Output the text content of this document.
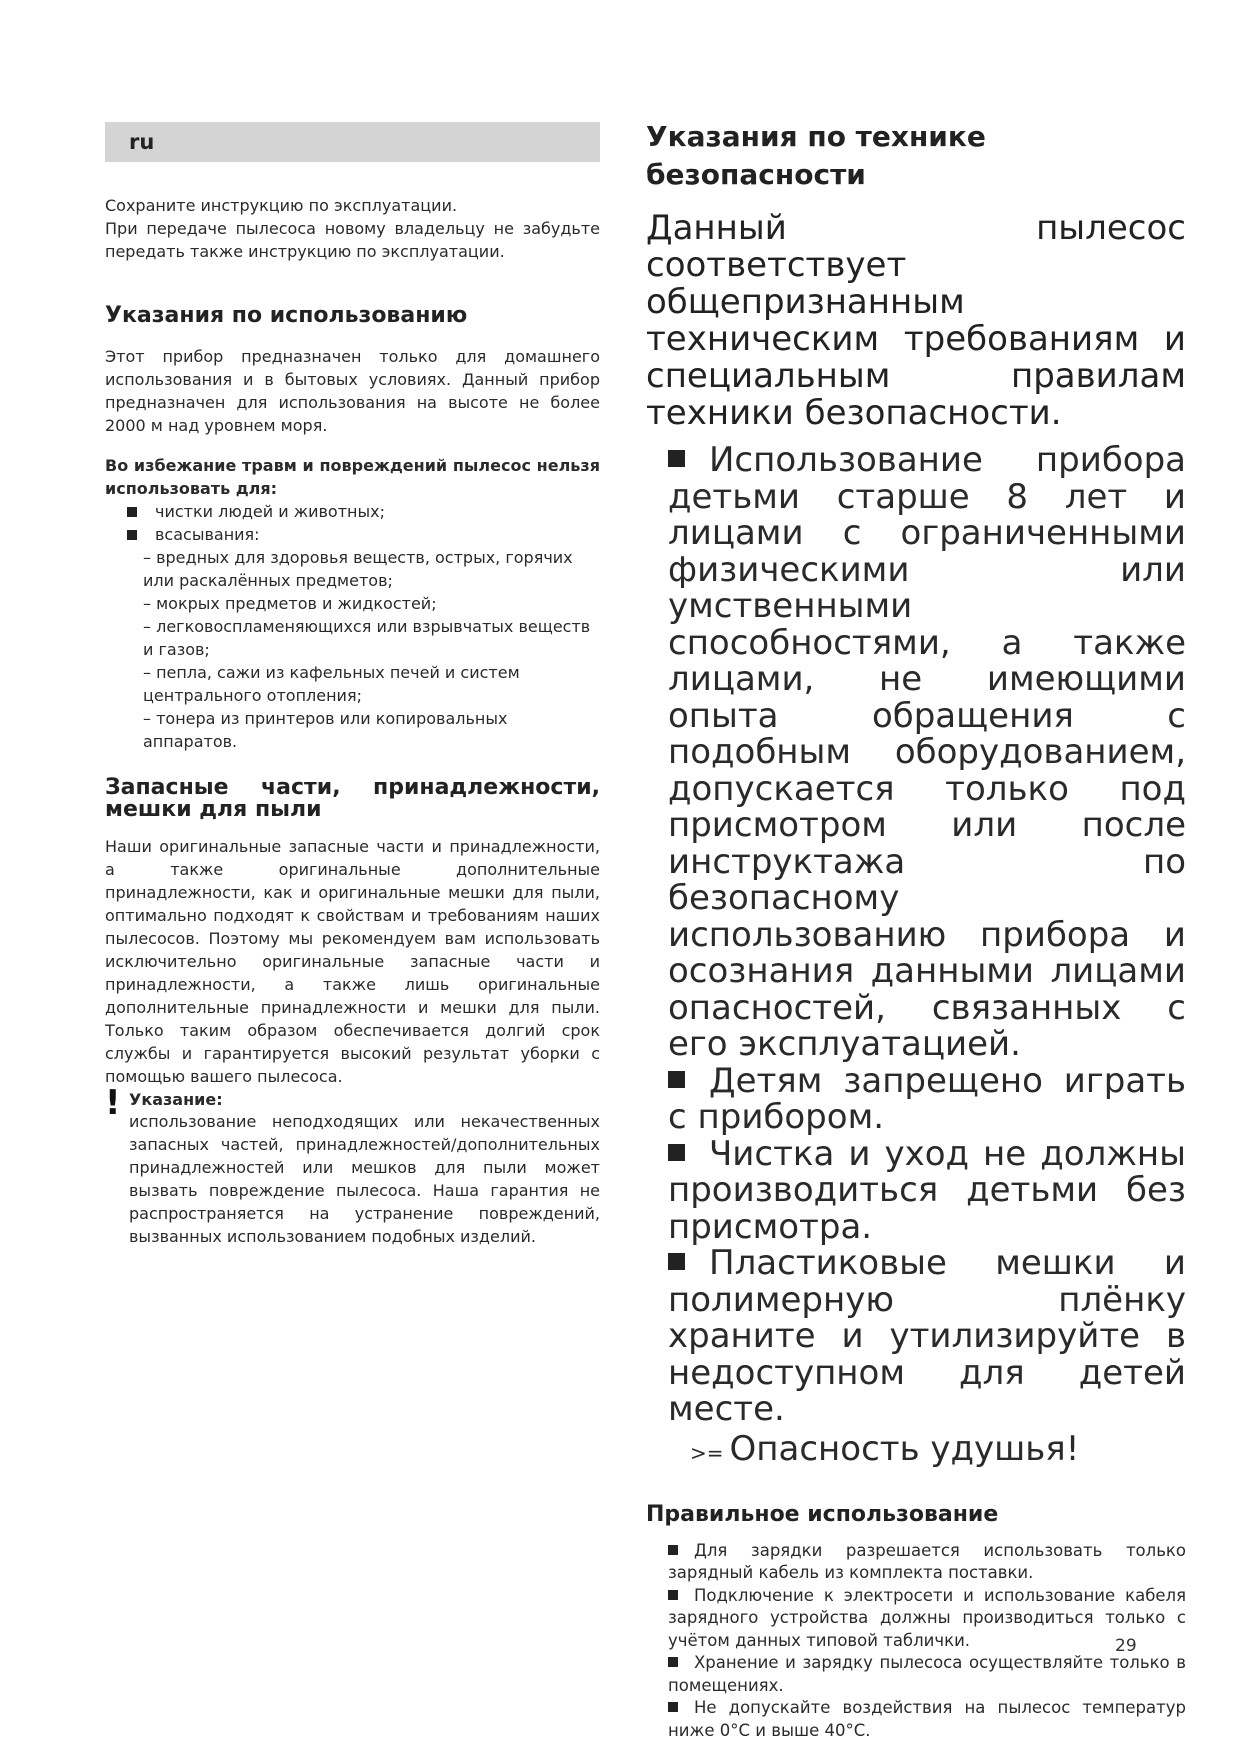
ru

Сохраните инструкцию по эксплуатации.

При передаче пылесоса новому владельцу не забудьте передать также инструкцию по эксплуатации.

Указания по использованию

Этот прибор предназначен только для домашнего использования и в бытовых условиях. Данный прибор предназначен для использования на высоте не более 2000 м над уровнем моря.

Во избежание травм и повреждений пылесос нельзя использовать для:

чистки людей и животных;
всасывания:
– вредных для здоровья веществ, острых, горячих или раскалённых предметов;
– мокрых предметов и жидкостей;
– легковоспламеняющихся или взрывчатых веществ и газов;
– пепла, сажи из кафельных печей и систем центрального отопления;
– тонера из принтеров или копировальных аппаратов.
Запасные части, принадлежности, мешки для пыли

Наши оригинальные запасные части и принадлежности, а также оригинальные дополнительные принадлежности, как и оригинальные мешки для пыли, оптимально подходят к свойствам и требованиям наших пылесосов. Поэтому мы рекомендуем вам использовать исключительно оригинальные запасные части и принадлежности, а также лишь оригинальные дополнительные принадлежности и мешки для пыли. Только таким образом обеспечивается долгий срок службы и гарантируется высокий результат уборки с помощью вашего пылесоса.

! Указание:

использование неподходящих или некачественных запасных частей, принадлежностей/дополнительных принадлежностей или мешков для пыли может вызвать повреждение пылесоса. Наша гарантия не распространяется на устранение повреждений, вызванных использованием подобных изделий.

Указания по технике безопасности

Данный пылесос соответствует общепризнанным техническим требованиям и специальным правилам техники безопасности.

Использование прибора детьми старше 8 лет и лицами с ограниченными физическими или умственными способностями, а также лицами, не имеющими опыта обращения с подобным оборудованием, допускается только под присмотром или после инструктажа по безопасному использованию прибора и осознания данными лицами опасностей, связанных с его эксплуатацией.
Детям запрещено играть с прибором.
Чистка и уход не должны производиться детьми без присмотра.
Пластиковые мешки и полимерную плёнку храните и утилизируйте в недоступном для детей месте.
>= Опасность удушья!
Правильное использование
Для зарядки разрешается использовать только зарядный кабель из комплекта поставки.
Подключение к электросети и использование кабеля зарядного устройства должны производиться только с учётом данных типовой таблички.
Хранение и зарядку пылесоса осуществляйте только в помещениях.
Не допускайте воздействия на пылесос температур ниже 0°C и выше 40°C.
29
